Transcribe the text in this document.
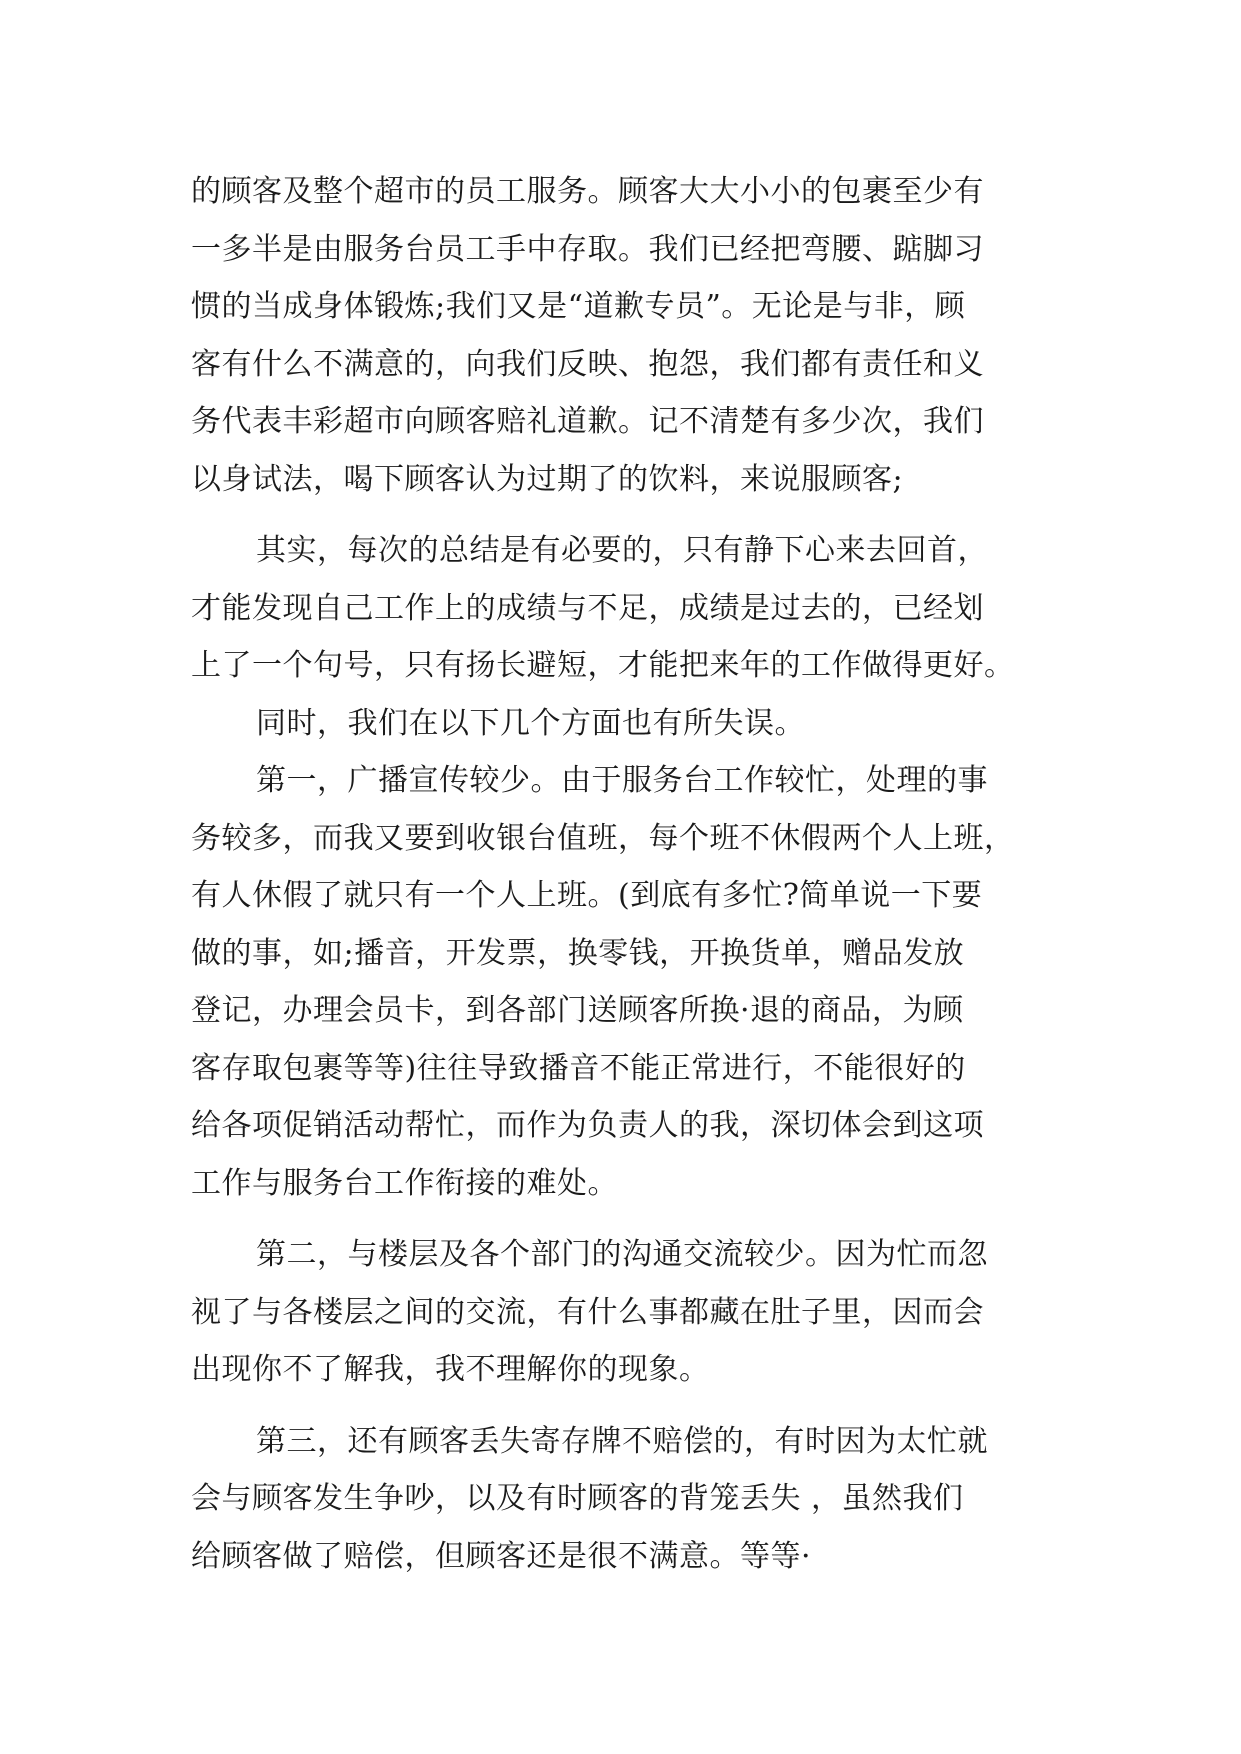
的顾客及整个超市的员工服务。顾客大大小小的包裹至少有
一多半是由服务台员工手中存取。我们已经把弯腰、踮脚习
惯的当成身体锻炼;我们又是“道歉专员”。无论是与非，顾
客有什么不满意的，向我们反映、抱怨，我们都有责任和义
务代表丰彩超市向顾客赔礼道歉。记不清楚有多少次，我们
以身试法，喝下顾客认为过期了的饮料，来说服顾客;
其实，每次的总结是有必要的，只有静下心来去回首，
才能发现自己工作上的成绩与不足，成绩是过去的，已经划
上了一个句号，只有扬长避短，才能把来年的工作做得更好。
同时，我们在以下几个方面也有所失误。
第一，广播宣传较少。由于服务台工作较忙，处理的事
务较多，而我又要到收银台值班，每个班不休假两个人上班，
有人休假了就只有一个人上班。(到底有多忙?简单说一下要
做的事，如;播音，开发票，换零钱，开换货单，赠品发放
登记，办理会员卡，到各部门送顾客所换·退的商品，为顾
客存取包裹等等)往往导致播音不能正常进行，不能很好的
给各项促销活动帮忙，而作为负责人的我，深切体会到这项
工作与服务台工作衔接的难处。
第二，与楼层及各个部门的沟通交流较少。因为忙而忽
视了与各楼层之间的交流，有什么事都藏在肚子里，因而会
出现你不了解我，我不理解你的现象。
第三，还有顾客丢失寄存牌不赔偿的，有时因为太忙就
会与顾客发生争吵，以及有时顾客的背笼丢失 ，虽然我们
给顾客做了赔偿，但顾客还是很不满意。等等·
